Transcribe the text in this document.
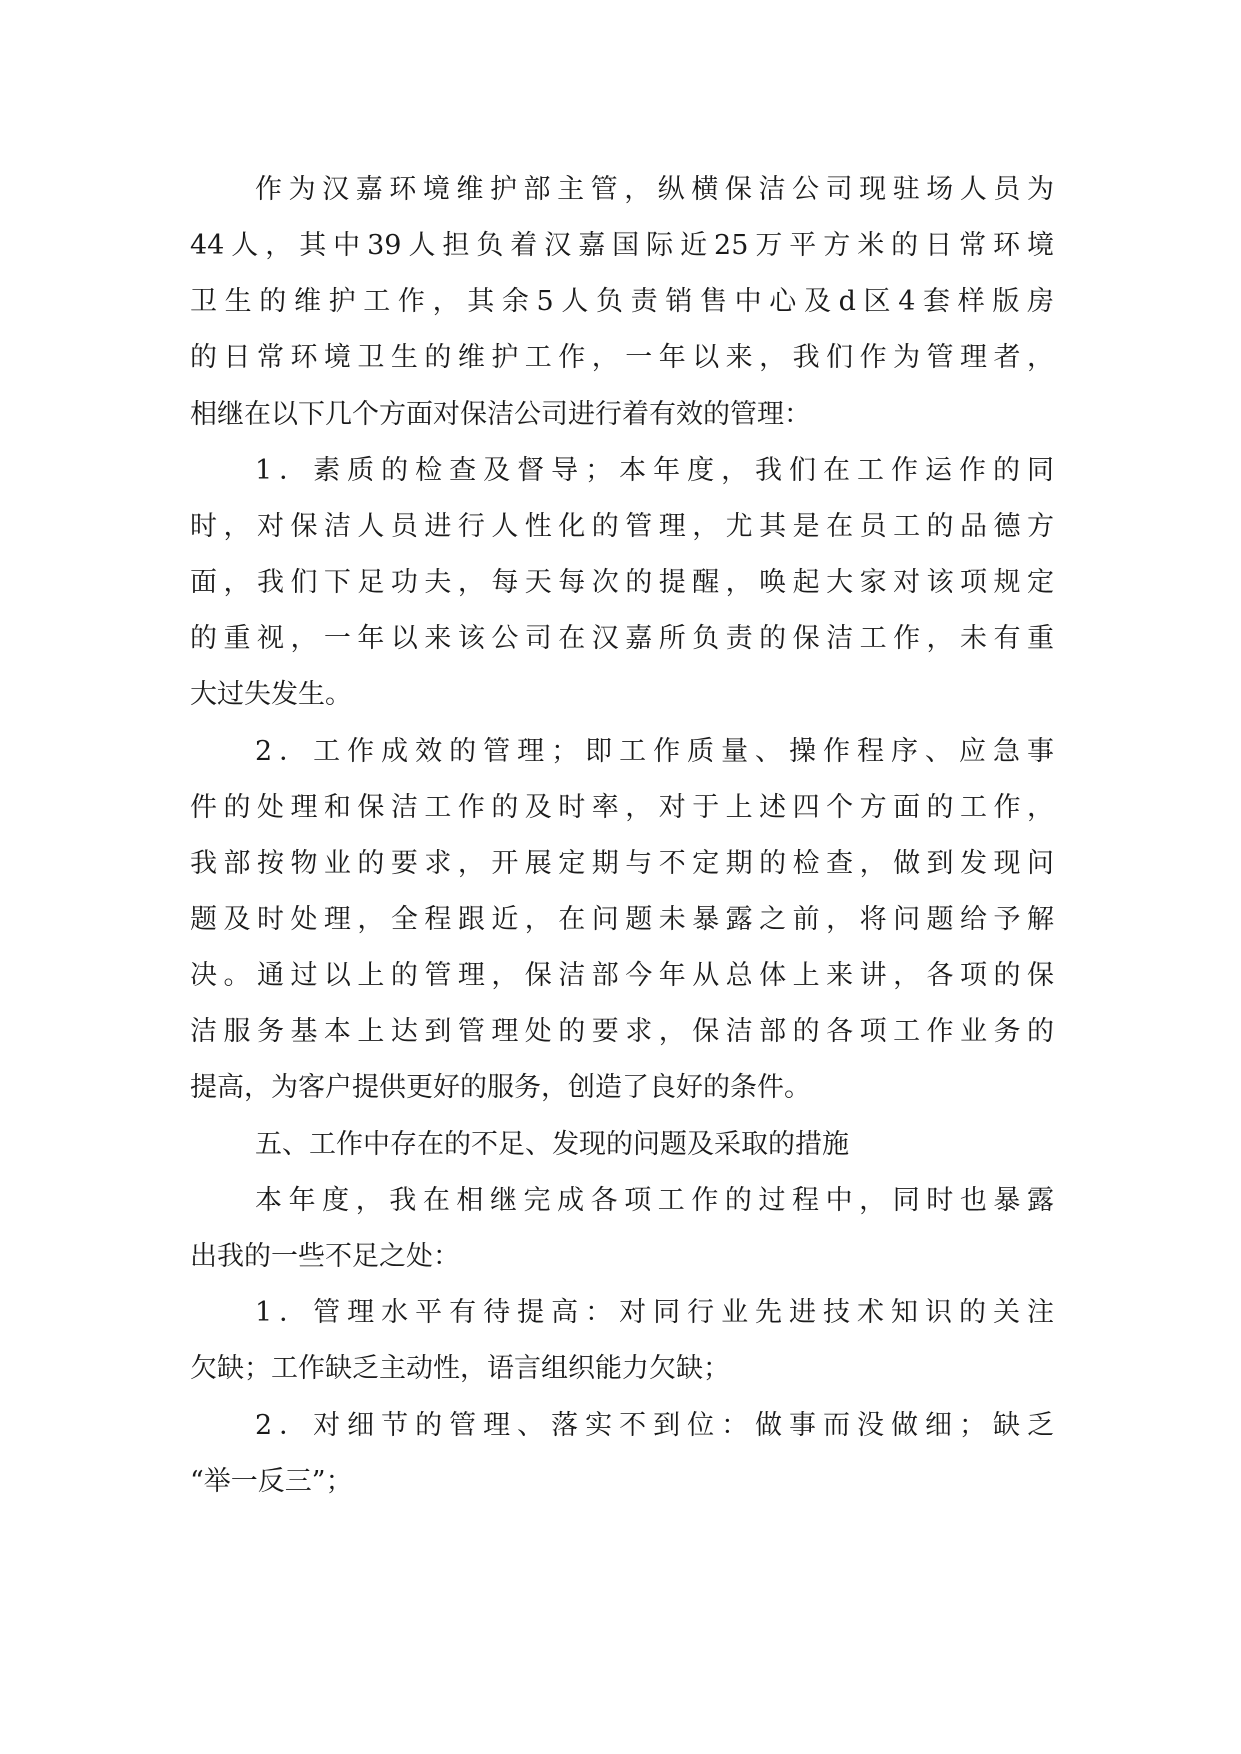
作为汉嘉环境维护部主管，纵横保洁公司现驻场人员为

44人，其中39人担负着汉嘉国际近25万平方米的日常环境

卫生的维护工作，其余5人负责销售中心及d区4套样版房

的日常环境卫生的维护工作，一年以来，我们作为管理者，

相继在以下几个方面对保洁公司进行着有效的管理：

1．素质的检查及督导；本年度，我们在工作运作的同

时，对保洁人员进行人性化的管理，尤其是在员工的品德方

面，我们下足功夫，每天每次的提醒，唤起大家对该项规定

的重视，一年以来该公司在汉嘉所负责的保洁工作，未有重

大过失发生。

2．工作成效的管理；即工作质量、操作程序、应急事

件的处理和保洁工作的及时率，对于上述四个方面的工作，

我部按物业的要求，开展定期与不定期的检查，做到发现问

题及时处理，全程跟近，在问题未暴露之前，将问题给予解

决。通过以上的管理，保洁部今年从总体上来讲，各项的保

洁服务基本上达到管理处的要求，保洁部的各项工作业务的

提高，为客户提供更好的服务，创造了良好的条件。

五、工作中存在的不足、发现的问题及采取的措施

本年度，我在相继完成各项工作的过程中，同时也暴露

出我的一些不足之处：

1．管理水平有待提高：对同行业先进技术知识的关注

欠缺；工作缺乏主动性，语言组织能力欠缺；

2．对细节的管理、落实不到位：做事而没做细；缺乏

“举一反三”；
